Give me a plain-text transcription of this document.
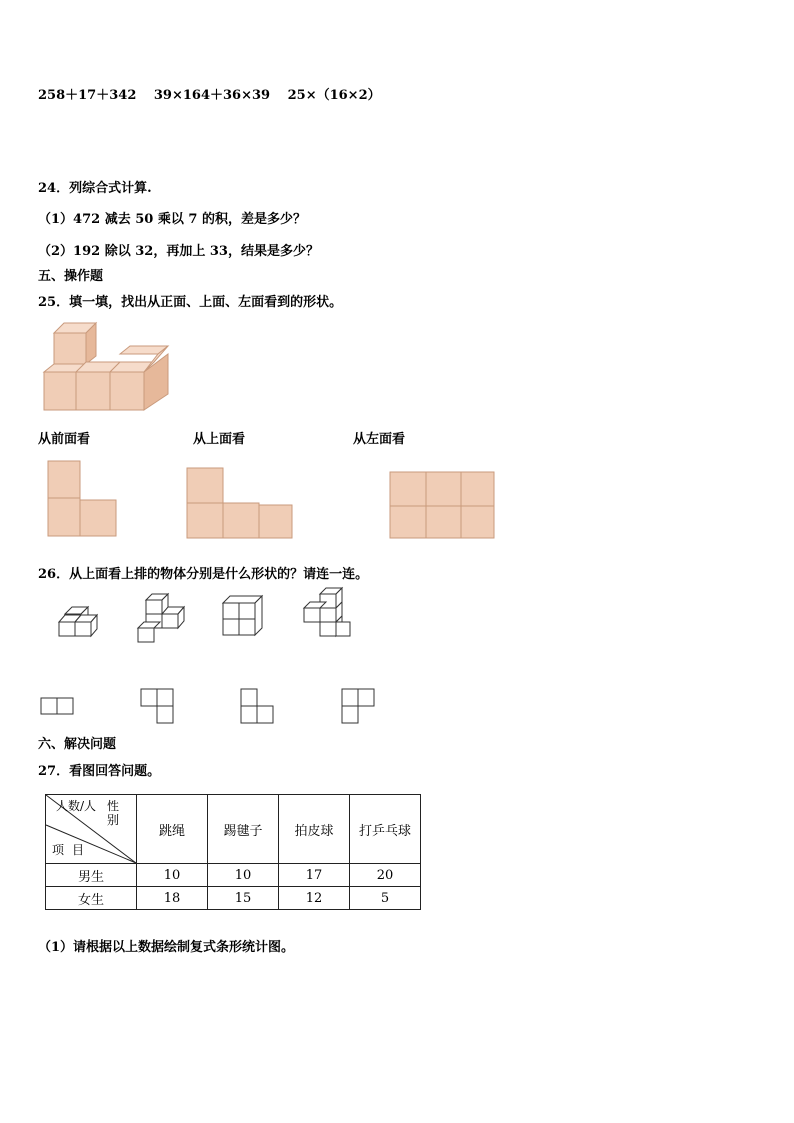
258＋17＋342　 39×164＋36×39　 25×（16×2）
24．列综合式计算.
（1）472 减去 50 乘以 7 的积，差是多少？
（2）192 除以 32，再加上 33，结果是多少？
五、操作题
25．填一填，找出从正面、上面、左面看到的形状。
从前面看	从上面看	从左面看
26．从上面看上排的物体分别是什么形状的？请连一连。
六、解决问题
27．看图回答问题。
性别
人数/人
项目	跳绳	踢毽子	拍皮球	打乒乓球
男生	10	10	17	20
女生	18	15	12	5
（1）请根据以上数据绘制复式条形统计图。
